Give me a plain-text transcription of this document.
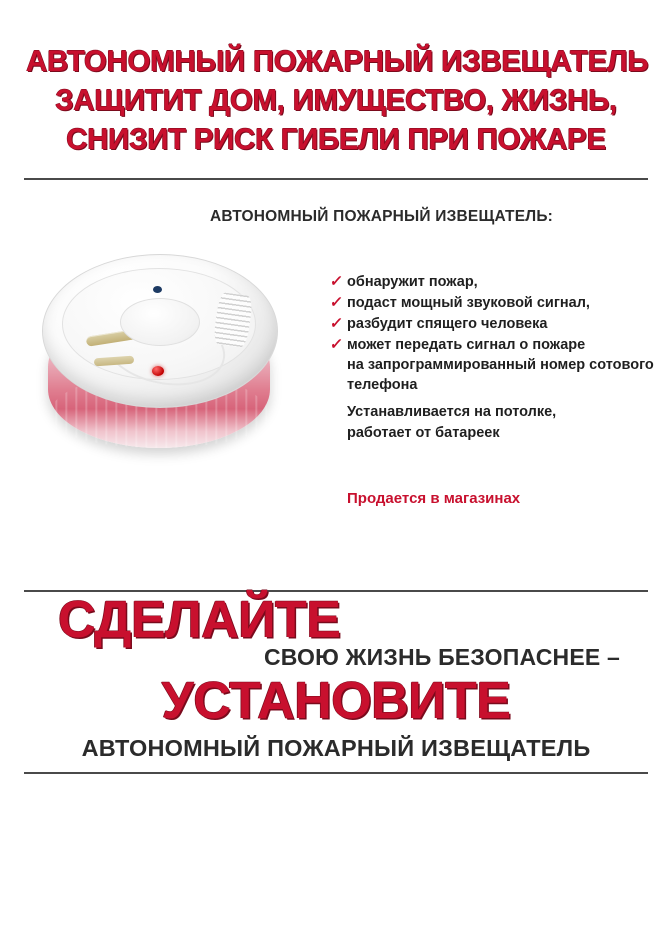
АВТОНОМНЫЙ ПОЖАРНЫЙ ИЗВЕЩАТЕЛЬ
ЗАЩИТИТ ДОМ, ИМУЩЕСТВО, ЖИЗНЬ,
СНИЗИТ РИСК ГИБЕЛИ ПРИ ПОЖАРЕ
АВТОНОМНЫЙ ПОЖАРНЫЙ ИЗВЕЩАТЕЛЬ:
✓ обнаружит пожар,
✓ подаст мощный звуковой сигнал,
✓ разбудит спящего человека
✓ может передать сигнал о пожаре
на запрограммированный номер сотового телефона
Устанавливается на потолке,
работает от батареек
Продается в магазинах
СДЕЛАЙТЕ
СВОЮ ЖИЗНЬ БЕЗОПАСНЕЕ –
УСТАНОВИТЕ
АВТОНОМНЫЙ ПОЖАРНЫЙ ИЗВЕЩАТЕЛЬ
